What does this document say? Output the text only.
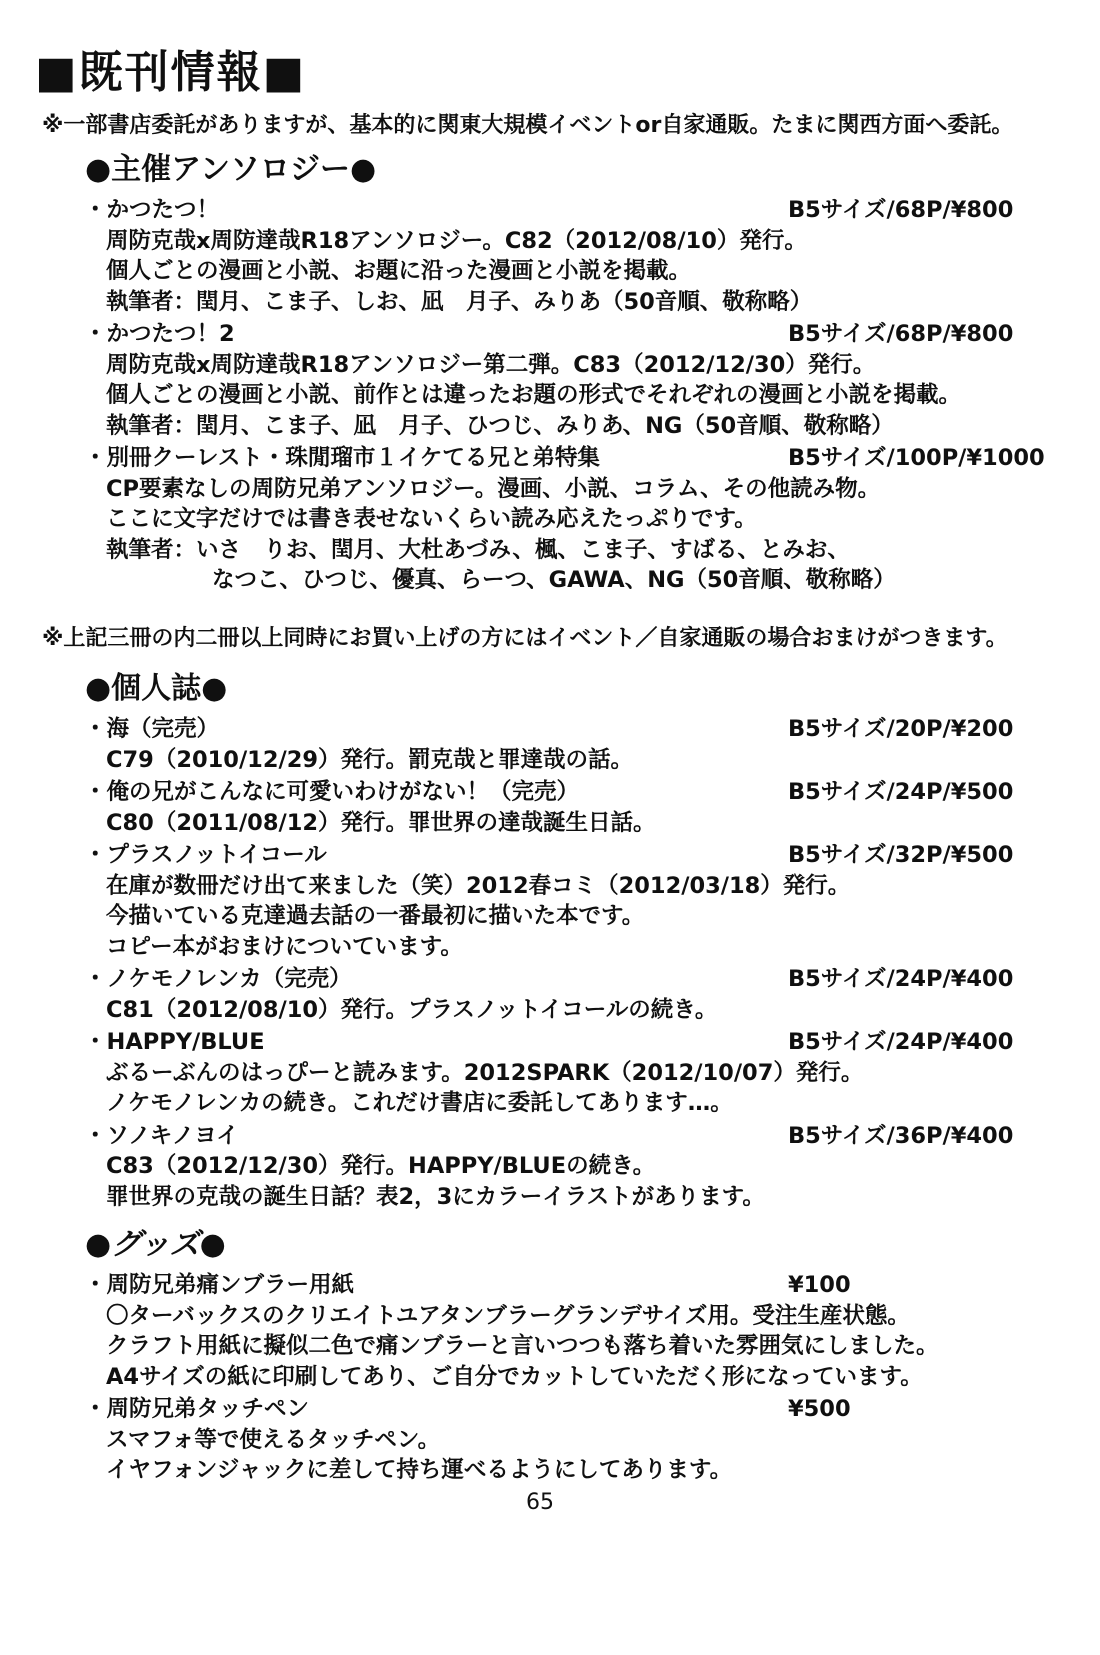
■既刊情報■
※一部書店委託がありますが、基本的に関東大規模イベントor自家通販。たまに関西方面へ委託。
●主催アンソロジー●
・かつたつ！	B5サイズ/68P/¥800
周防克哉x周防達哉R18アンソロジー。C82（2012/08/10）発行。
個人ごとの漫画と小説、お題に沿った漫画と小説を掲載。
執筆者：閏月、こま子、しお、凪　月子、みりあ（50音順、敬称略）
・かつたつ！2	B5サイズ/68P/¥800
周防克哉x周防達哉R18アンソロジー第二弾。C83（2012/12/30）発行。
個人ごとの漫画と小説、前作とは違ったお題の形式でそれぞれの漫画と小説を掲載。
執筆者：閏月、こま子、凪　月子、ひつじ、みりあ、NG（50音順、敬称略）
・別冊クーレスト・珠閒瑠市１イケてる兄と弟特集	B5サイズ/100P/¥1000
CP要素なしの周防兄弟アンソロジー。漫画、小説、コラム、その他読み物。
ここに文字だけでは書き表せないくらい読み応えたっぷりです。
執筆者：いさ　りお、閏月、大杜あづみ、楓、こま子、すばる、とみお、
なつこ、ひつじ、優真、らーつ、GAWA、NG（50音順、敬称略）
※上記三冊の内二冊以上同時にお買い上げの方にはイベント／自家通販の場合おまけがつきます。
●個人誌●
・海（完売）	B5サイズ/20P/¥200
C79（2010/12/29）発行。罰克哉と罪達哉の話。
・俺の兄がこんなに可愛いわけがない！（完売）	B5サイズ/24P/¥500
C80（2011/08/12）発行。罪世界の達哉誕生日話。
・プラスノットイコール	B5サイズ/32P/¥500
在庫が数冊だけ出て来ました（笑）2012春コミ（2012/03/18）発行。
今描いている克達過去話の一番最初に描いた本です。
コピー本がおまけについています。
・ノケモノレンカ（完売）	B5サイズ/24P/¥400
C81（2012/08/10）発行。プラスノットイコールの続き。
・HAPPY/BLUE	B5サイズ/24P/¥400
ぶるーぶんのはっぴーと読みます。2012SPARK（2012/10/07）発行。
ノケモノレンカの続き。これだけ書店に委託してあります…。
・ソノキノヨイ	B5サイズ/36P/¥400
C83（2012/12/30）発行。HAPPY/BLUEの続き。
罪世界の克哉の誕生日話？表2，3にカラーイラストがあります。
●グッズ●
・周防兄弟痛ンブラー用紙	¥100
〇ターバックスのクリエイトユアタンブラーグランデサイズ用。受注生産状態。
クラフト用紙に擬似二色で痛ンブラーと言いつつも落ち着いた雰囲気にしました。
A4サイズの紙に印刷してあり、ご自分でカットしていただく形になっています。
・周防兄弟タッチペン	¥500
スマフォ等で使えるタッチペン。
イヤフォンジャックに差して持ち運べるようにしてあります。
65
